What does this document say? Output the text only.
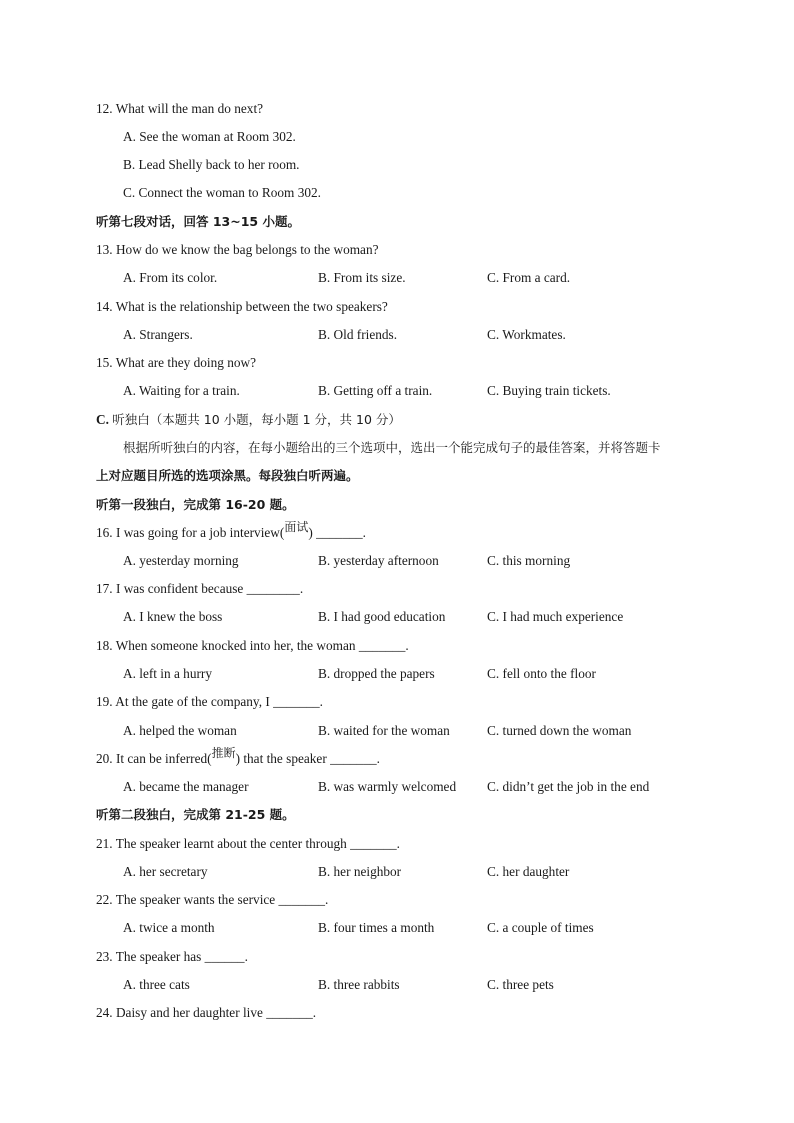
12. What will the man do next?
A. See the woman at Room 302.
B. Lead Shelly back to her room.
C. Connect the woman to Room 302.
听第七段对话，回答 13~15 小题。
13. How do we know the bag belongs to the woman?
A. From its color.	B. From its size.	C. From a card.
14. What is the relationship between the two speakers?
A. Strangers.	B. Old friends.	C. Workmates.
15. What are they doing now?
A. Waiting for a train.	B. Getting off a train.	C. Buying train tickets.
C. 听独白（本题共 10 小题，每小题 1 分，共 10 分）
根据所听独白的内容，在每小题给出的三个选项中，选出一个能完成句子的最佳答案，并将答题卡
上对应题目所选的选项涂黑。每段独白听两遍。
听第一段独白，完成第 16-20 题。
16. I was going for a job interview(面试) _______.
A. yesterday morning	B. yesterday afternoon	C. this morning
17. I was confident because ________.
A. I knew the boss	B. I had good education	C. I had much experience
18. When someone knocked into her, the woman _______.
A. left in a hurry	B. dropped the papers	C. fell onto the floor
19. At the gate of the company, I _______.
A. helped the woman	B. waited for the woman	C. turned down the woman
20. It can be inferred(推断) that the speaker _______.
A. became the manager	B. was warmly welcomed C. didn’t get the job in the end
听第二段独白，完成第 21-25 题。
21. The speaker learnt about the center through _______.
A. her secretary	B. her neighbor	C. her daughter
22. The speaker wants the service _______.
A. twice a month	B. four times a month	C. a couple of times
23. The speaker has ______.
A. three cats	B. three rabbits	C. three pets
24. Daisy and her daughter live _______.
